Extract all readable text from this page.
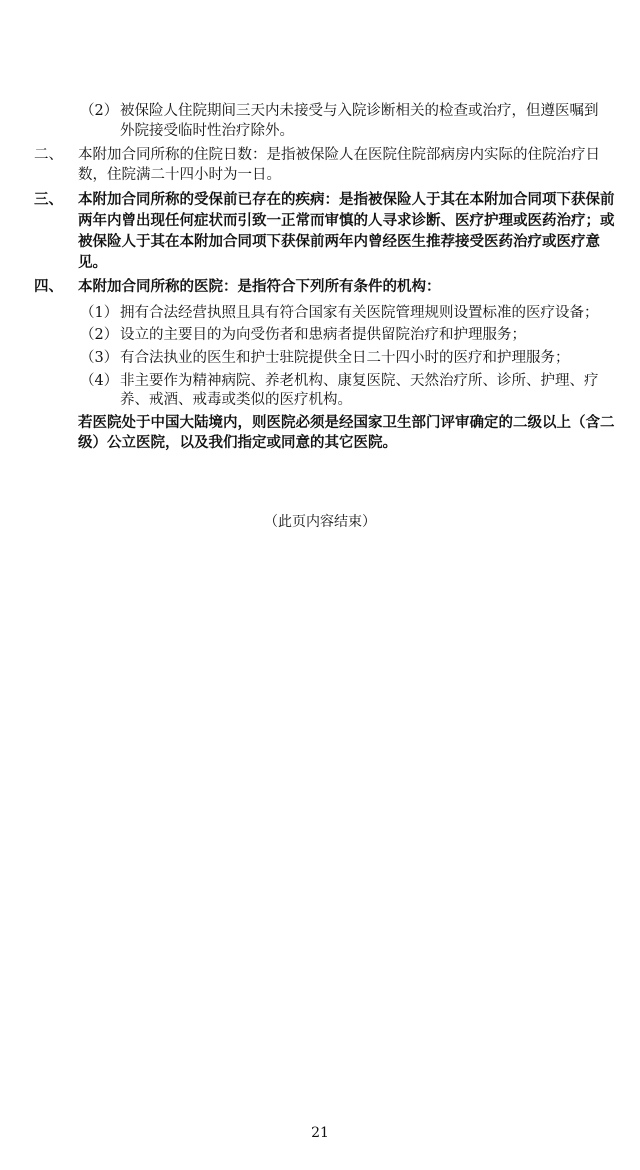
（2） 被保险人住院期间三天内未接受与入院诊断相关的检查或治疗，但遵医嘱到
外院接受临时性治疗除外。
二、 本附加合同所称的住院日数：是指被保险人在医院住院部病房内实际的住院治疗日
数，住院满二十四小时为一日。
三、 本附加合同所称的受保前已存在的疾病：是指被保险人于其在本附加合同项下获保前
两年内曾出现任何症状而引致一正常而审慎的人寻求诊断、医疗护理或医药治疗；或
被保险人于其在本附加合同项下获保前两年内曾经医生推荐接受医药治疗或医疗意
见。
四、 本附加合同所称的医院：是指符合下列所有条件的机构：
（1） 拥有合法经营执照且具有符合国家有关医院管理规则设置标准的医疗设备；
（2） 设立的主要目的为向受伤者和患病者提供留院治疗和护理服务；
（3） 有合法执业的医生和护士驻院提供全日二十四小时的医疗和护理服务；
（4） 非主要作为精神病院、养老机构、康复医院、天然治疗所、诊所、护理、疗
养、戒酒、戒毒或类似的医疗机构。
若医院处于中国大陆境内，则医院必须是经国家卫生部门评审确定的二级以上（含二
级）公立医院，以及我们指定或同意的其它医院。
（此页内容结束）
21
